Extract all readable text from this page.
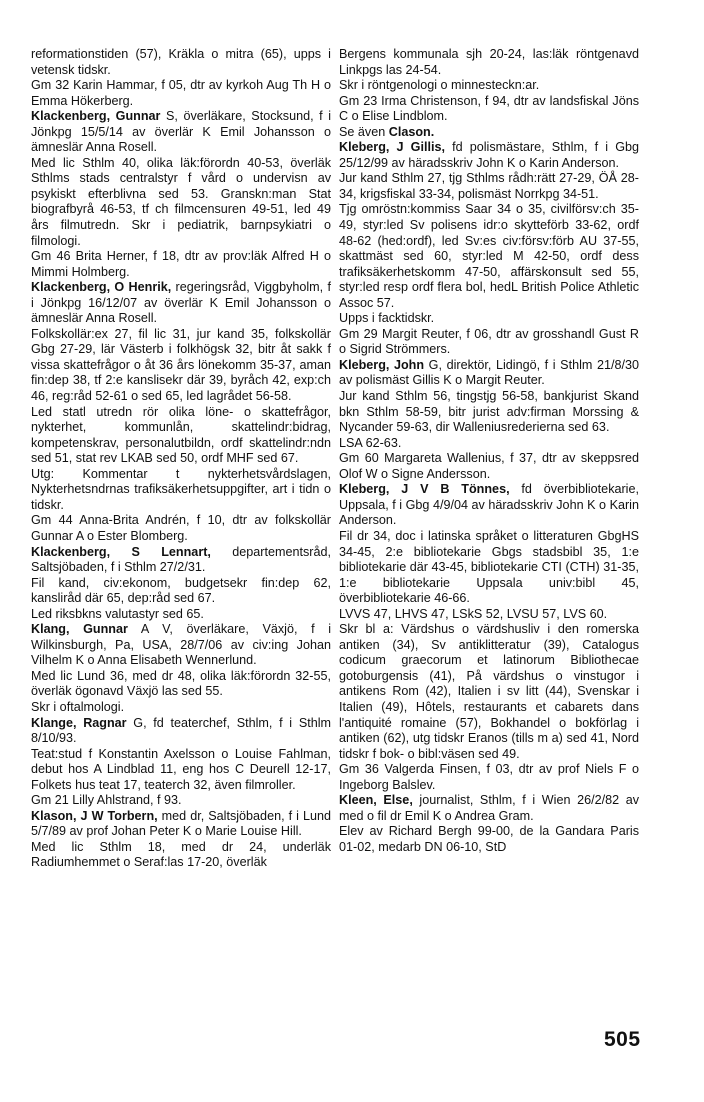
reformationstiden (57), Kräkla o mitra (65), upps i vetensk tidskr.

Gm 32 Karin Hammar, f 05, dtr av kyrkoh Aug Th H o Emma Hökerberg.

Klackenberg, Gunnar S, överläkare, Stocksund, f i Jönkpg 15/5/14 av överlär K Emil Johansson o ämneslär Anna Rosell.

Med lic Sthlm 40, olika läk:förordn 40-53, överläk Sthlms stads centralstyr f vård o undervisn av psykiskt efterblivna sed 53. Granskn:man Stat biografbyrå 46-53, tf ch filmcensuren 49-51, led 49 års filmutredn. Skr i pediatrik, barnpsykiatri o filmologi.

Gm 46 Brita Herner, f 18, dtr av prov:läk Alfred H o Mimmi Holmberg.

Klackenberg, O Henrik, regeringsråd, Viggbyholm, f i Jönkpg 16/12/07 av överlär K Emil Johansson o ämneslär Anna Rosell.

Folkskollär:ex 27, fil lic 31, jur kand 35, folkskollär Gbg 27-29, lär Västerb i folkhögsk 32, bitr åt sakk f vissa skattefrågor o åt 36 års lönekomm 35-37, aman fin:dep 38, tf 2:e kanslisekr där 39, byråch 42, exp:ch 46, reg:råd 52-61 o sed 65, led lagrådet 56-58.

Led statl utredn rör olika löne- o skattefrågor, nykterhet, kommunlån, skattelindr:bidrag, kompetenskrav, personalutbildn, ordf skattelindr:ndn sed 51, stat rev LKAB sed 50, ordf MHF sed 67.

Utg: Kommentar t nykterhetsvårdslagen, Nykterhetsndrnas trafiksäkerhetsuppgifter, art i tidn o tidskr.

Gm 44 Anna-Brita Andrén, f 10, dtr av folkskollär Gunnar A o Ester Blomberg.

Klackenberg, S Lennart, departementsråd, Saltsjöbaden, f i Sthlm 27/2/31.

Fil kand, civ:ekonom, budgetsekr fin:dep 62, kansliråd där 65, dep:råd sed 67.

Led riksbkns valutastyr sed 65.

Klang, Gunnar A V, överläkare, Växjö, f i Wilkinsburgh, Pa, USA, 28/7/06 av civ:ing Johan Vilhelm K o Anna Elisabeth Wennerlund.

Med lic Lund 36, med dr 48, olika läk:förordn 32-55, överläk ögonavd Växjö las sed 55.

Skr i oftalmologi.

Klange, Ragnar G, fd teaterchef, Sthlm, f i Sthlm 8/10/93.

Teat:stud f Konstantin Axelsson o Louise Fahlman, debut hos A Lindblad 11, eng hos C Deurell 12-17, Folkets hus teat 17, teaterch 32, även filmroller.

Gm 21 Lilly Ahlstrand, f 93.

Klason, J W Torbern, med dr, Saltsjöbaden, f i Lund 5/7/89 av prof Johan Peter K o Marie Louise Hill.

Med lic Sthlm 18, med dr 24, underläk Radiumhemmet o Seraf:las 17-20, överläk

Bergens kommunala sjh 20-24, las:läk röntgenavd Linkpgs las 24-54.

Skr i röntgenologi o minnesteckn:ar.

Gm 23 Irma Christenson, f 94, dtr av landsfiskal Jöns C o Elise Lindblom.

Se även Clason.

Kleberg, J Gillis, fd polismästare, Sthlm, f i Gbg 25/12/99 av häradsskriv John K o Karin Anderson.

Jur kand Sthlm 27, tjg Sthlms rådh:rätt 27-29, ÖÅ 28-34, krigsfiskal 33-34, polismäst Norrkpg 34-51.

Tjg omröstn:kommiss Saar 34 o 35, civilförsv:ch 35-49, styr:led Sv polisens idr:o skytteförb 33-62, ordf 48-62 (hed:ordf), led Sv:es civ:försv:förb AU 37-55, skattmäst sed 60, styr:led M 42-50, ordf dess trafiksäkerhetskomm 47-50, affärskonsult sed 55, styr:led resp ordf flera bol, hedL British Police Athletic Assoc 57.

Upps i facktidskr.

Gm 29 Margit Reuter, f 06, dtr av grosshandl Gust R o Sigrid Strömmers.

Kleberg, John G, direktör, Lidingö, f i Sthlm 21/8/30 av polismäst Gillis K o Margit Reuter.

Jur kand Sthlm 56, tingstjg 56-58, bankjurist Skand bkn Sthlm 58-59, bitr jurist adv:firman Morssing & Nycander 59-63, dir Walleniusrederierna sed 63.

LSA 62-63.

Gm 60 Margareta Wallenius, f 37, dtr av skeppsred Olof W o Signe Andersson.

Kleberg, J V B Tönnes, fd överbibliotekarie, Uppsala, f i Gbg 4/9/04 av häradsskriv John K o Karin Anderson.

Fil dr 34, doc i latinska språket o litteraturen GbgHS 34-45, 2:e bibliotekarie Gbgs stadsbibl 35, 1:e bibliotekarie där 43-45, bibliotekarie CTI (CTH) 31-35, 1:e bibliotekarie Uppsala univ:bibl 45, överbibliotekarie 46-66.

LVVS 47, LHVS 47, LSkS 52, LVSU 57, LVS 60.

Skr bl a: Värdshus o värdshusliv i den romerska antiken (34), Sv antiklitteratur (39), Catalogus codicum graecorum et latinorum Bibliothecae gotoburgensis (41), På värdshus o vinstugor i antikens Rom (42), Italien i sv litt (44), Svenskar i Italien (49), Hôtels, restaurants et cabarets dans l'antiquité romaine (57), Bokhandel o bokförlag i antiken (62), utg tidskr Eranos (tills m a) sed 41, Nord tidskr f bok- o bibl:väsen sed 49.

Gm 36 Valgerda Finsen, f 03, dtr av prof Niels F o Ingeborg Balslev.

Kleen, Else, journalist, Sthlm, f i Wien 26/2/82 av med o fil dr Emil K o Andrea Gram.

Elev av Richard Bergh 99-00, de la Gandara Paris 01-02, medarb DN 06-10, StD

505
